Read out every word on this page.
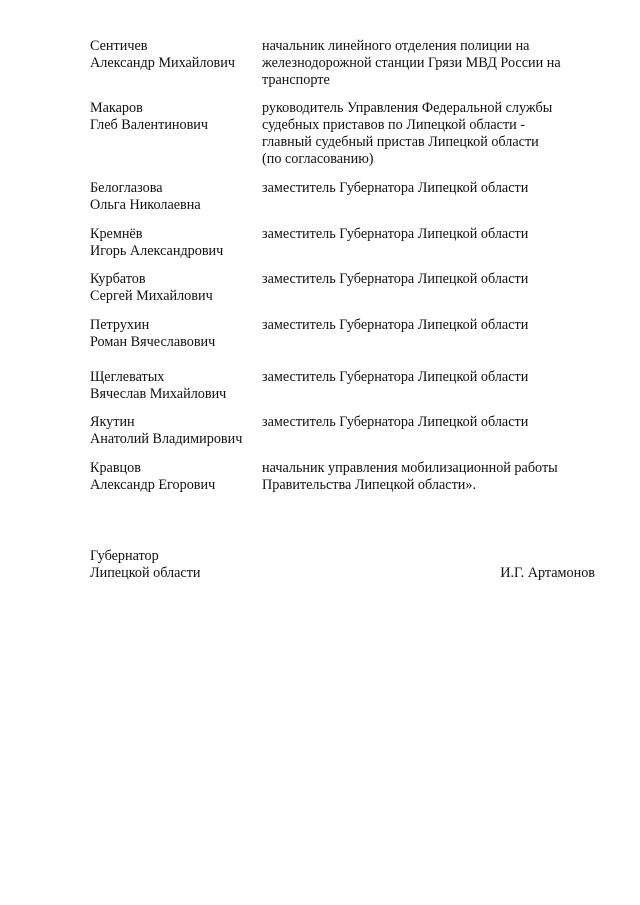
Сентичев
Александр Михайлович
начальник линейного отделения полиции на
железнодорожной станции Грязи МВД России на
транспорте
Макаров
Глеб Валентинович
руководитель Управления Федеральной службы
судебных приставов по Липецкой области -
главный судебный пристав Липецкой области
(по согласованию)
Белоглазова
Ольга Николаевна
заместитель Губернатора Липецкой области
Кремнёв
Игорь Александрович
заместитель Губернатора Липецкой области
Курбатов
Сергей Михайлович
заместитель Губернатора Липецкой области
Петрухин
Роман Вячеславович
заместитель Губернатора Липецкой области
Щеглеватых
Вячеслав Михайлович
заместитель Губернатора Липецкой области
Якутин
Анатолий Владимирович
заместитель Губернатора Липецкой области
Кравцов
Александр Егорович
начальник управления мобилизационной работы
Правительства Липецкой области».
Губернатор
Липецкой области	И.Г. Артамонов
